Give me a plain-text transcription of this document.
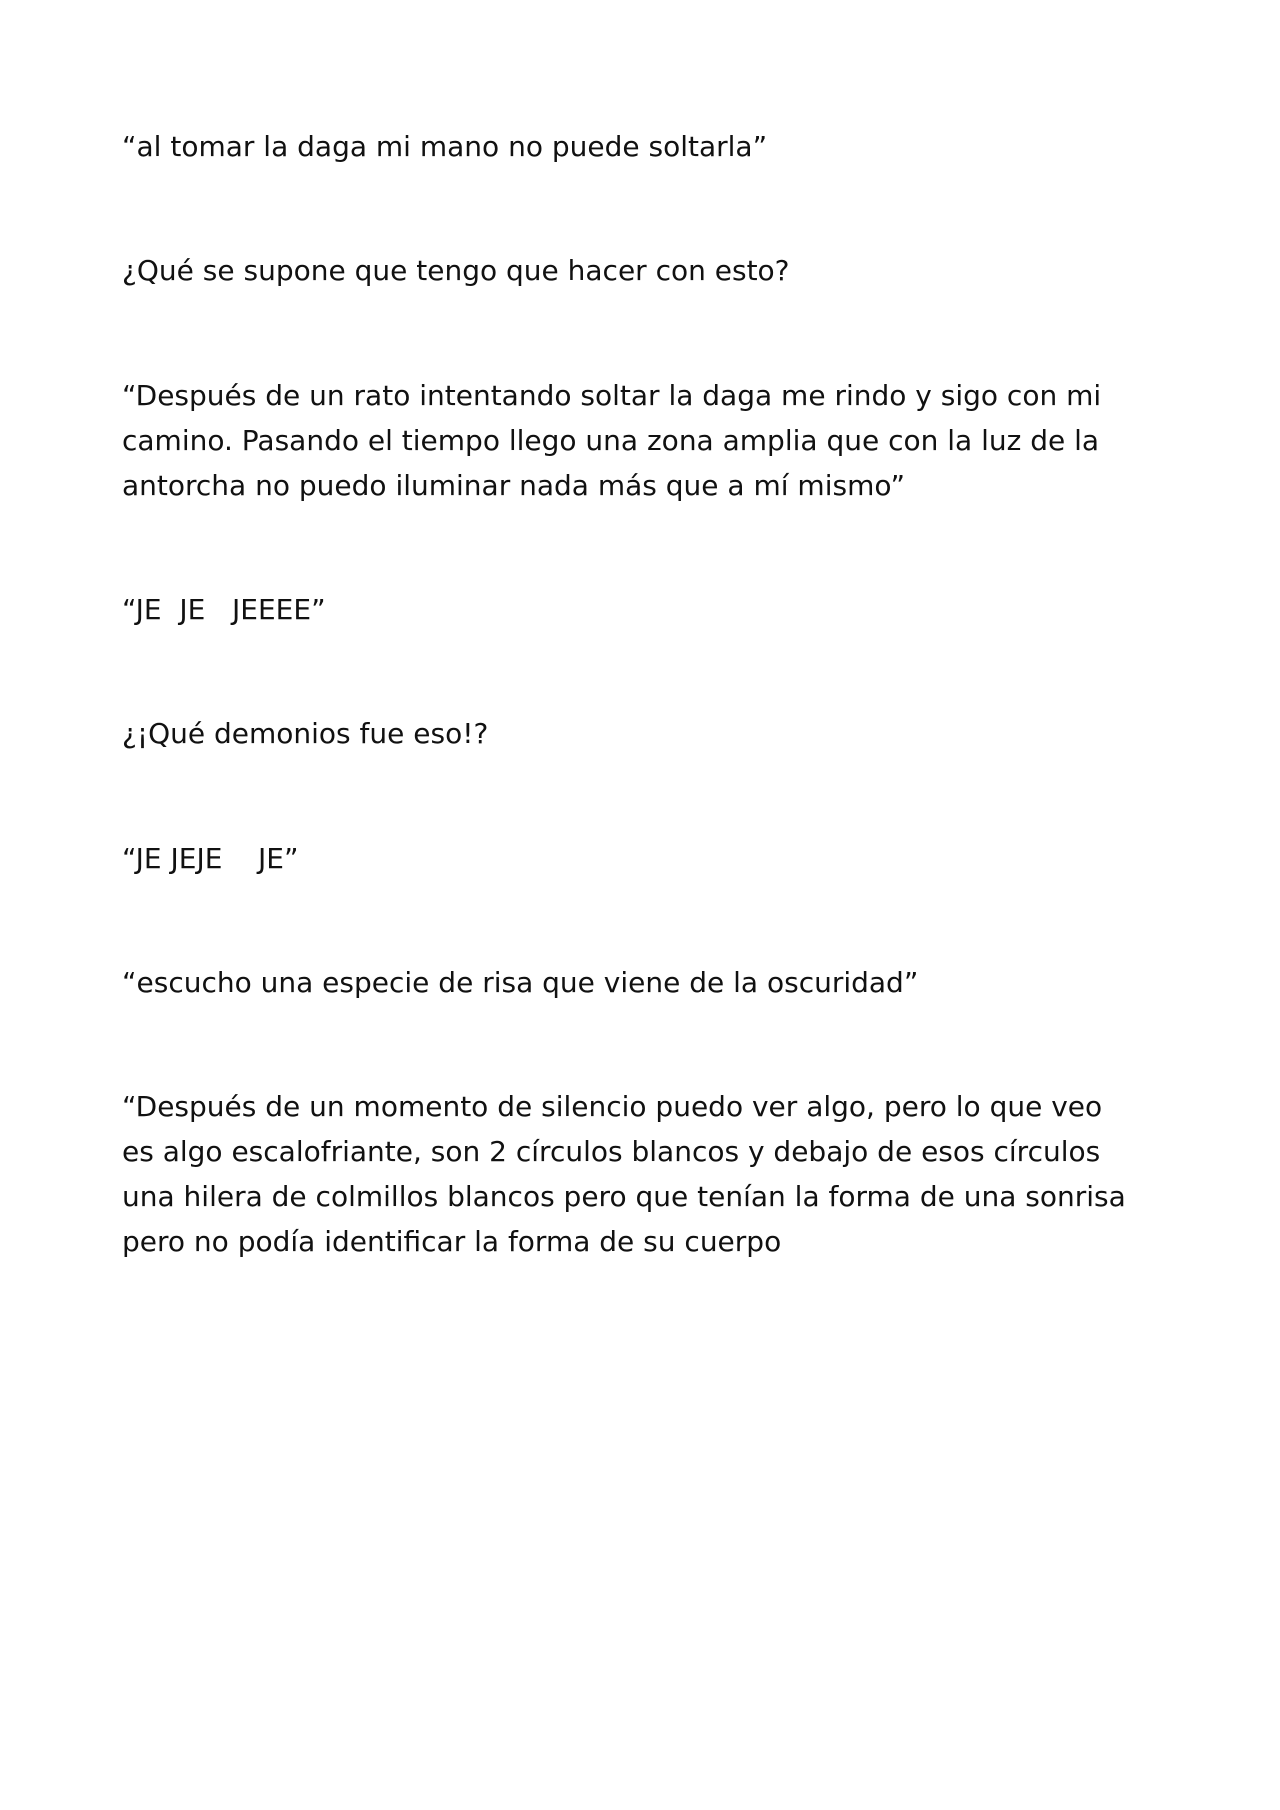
“al tomar la daga mi mano no puede soltarla”

¿Qué se supone que tengo que hacer con esto?

“Después de un rato intentando soltar la daga me rindo y sigo con mi camino. Pasando el tiempo llego una zona amplia que con la luz de la antorcha no puedo iluminar nada más que a mí mismo”

“JE  JE   JEEEE”

¿¡Qué demonios fue eso!?

“JE JEJE    JE”

“escucho una especie de risa que viene de la oscuridad”

“Después de un momento de silencio puedo ver algo, pero lo que veo es algo escalofriante, son 2 círculos blancos y debajo de esos círculos una hilera de colmillos blancos pero que tenían la forma de una sonrisa pero no podía identificar la forma de su cuerpo
